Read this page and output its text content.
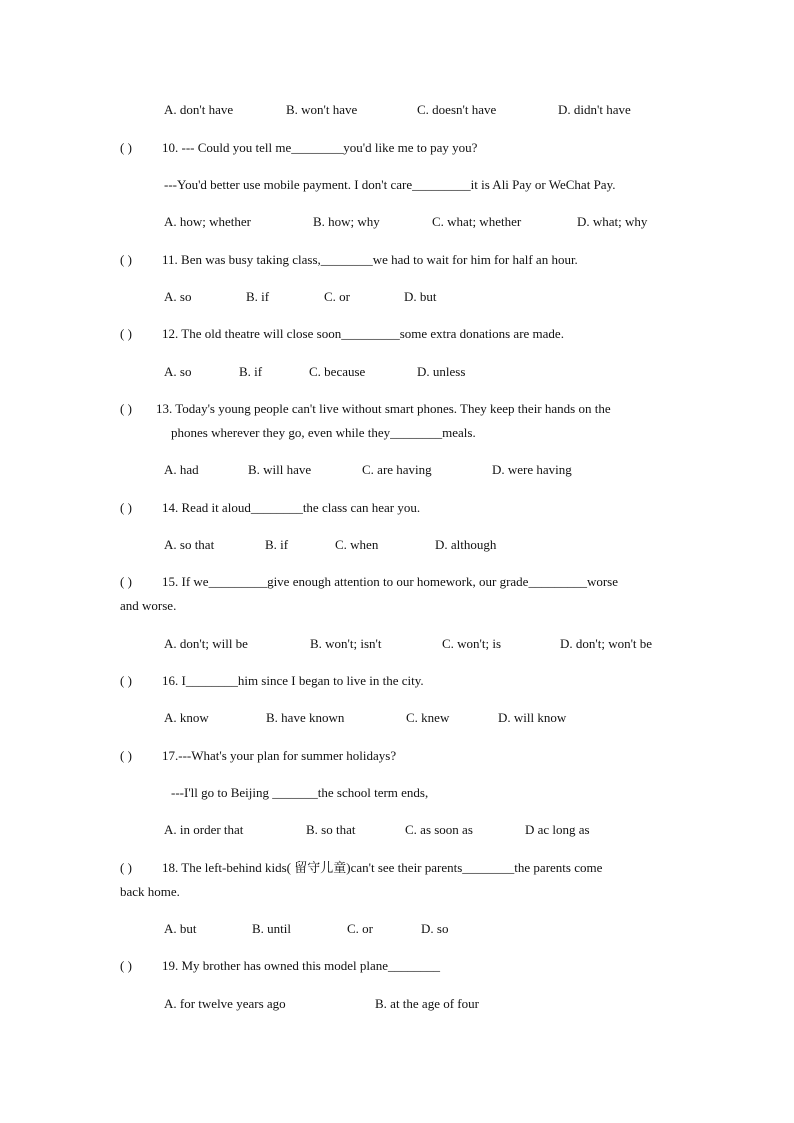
A. don't have	B. won't have	C. doesn't have	D. didn't have
( ) 10. --- Could you tell me________you'd like me to pay you?
---You'd better use mobile payment. I don't care_________it is Ali Pay or WeChat Pay.
A. how; whether	B. how; why	C. what; whether	D. what; why
( ) 11. Ben was busy taking class,________we had to wait for him for half an hour.
A. so	B. if	C. or	D. but
( ) 12. The old theatre will close soon_________some extra donations are made.
A. so	B. if	C. because	D. unless
( ) 13. Today's young people can't live without smart phones. They keep their hands on the
phones wherever they go, even while they________meals.
A. had	B. will have	C. are having	D. were having
( ) 14. Read it aloud________the class can hear you.
A. so that	B. if	C. when	D. although
( ) 15. If we_________give enough attention to our homework, our grade_________worse
and worse.
A. don't; will be	B. won't; isn't	C. won't; is	D. don't; won't be
( ) 16. I________him since I began to live in the city.
A. know	B. have known	C. knew	D. will know
( ) 17.---What's your plan for summer holidays?
---I'll go to Beijing _______the school term ends,
A. in order that	B. so that	C. as soon as	D ac long as
( ) 18. The left-behind kids( 留守儿童)can't see their parents________the parents come
back home.
A. but	B. until	C. or	D. so
( ) 19. My brother has owned this model plane________
A. for twelve years ago	B. at the age of four
